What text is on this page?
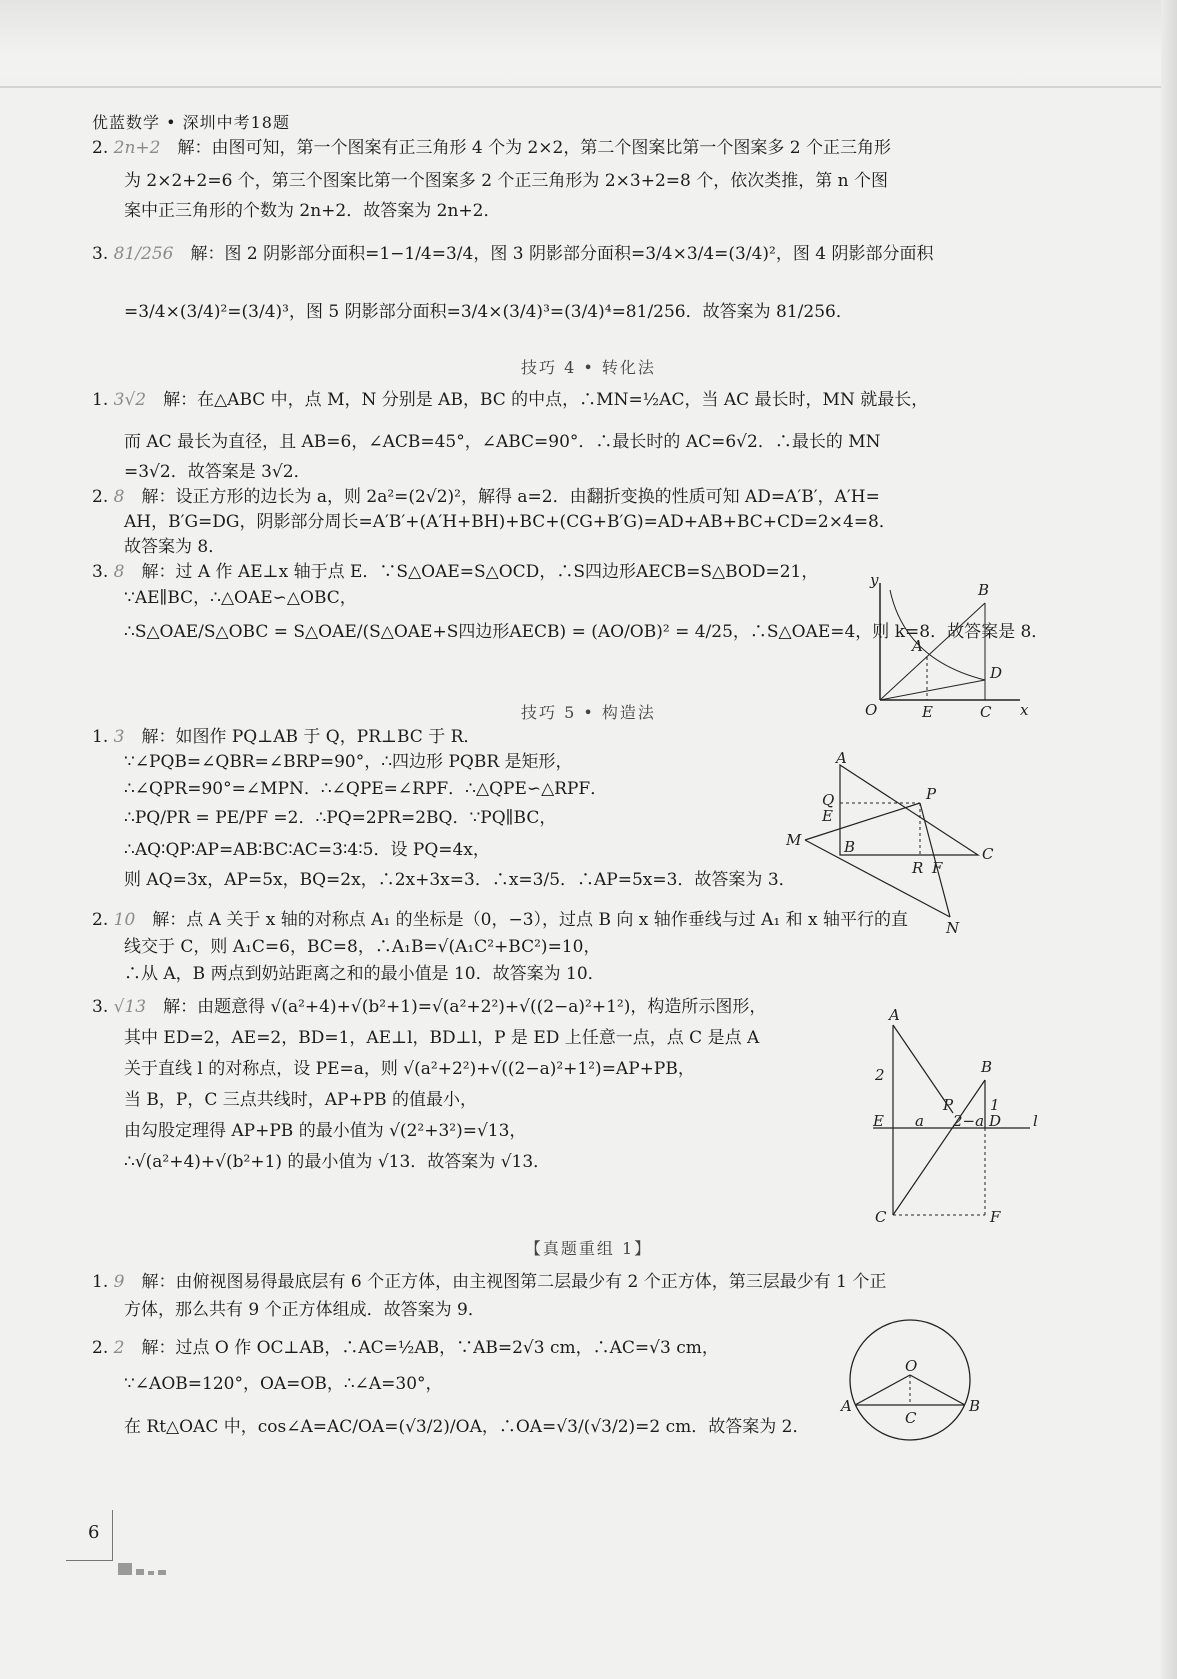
优蓝数学 • 深圳中考18题
2. 2n+2  解：由图可知，第一个图案有正三角形 4 个为 2×2，第二个图案比第一个图案多 2 个正三角形
为 2×2+2=6 个，第三个图案比第一个图案多 2 个正三角形为 2×3+2=8 个，依次类推，第 n 个图
案中正三角形的个数为 2n+2．故答案为 2n+2．
3. 81/256  解：图 2 阴影部分面积=1−1/4=3/4，图 3 阴影部分面积=3/4×3/4=(3/4)²，图 4 阴影部分面积
=3/4×(3/4)²=(3/4)³，图 5 阴影部分面积=3/4×(3/4)³=(3/4)⁴=81/256．故答案为 81/256．
1. 3√2  解：在△ABC 中，点 M，N 分别是 AB，BC 的中点，∴MN=½AC，当 AC 最长时，MN 就最长，
而 AC 最长为直径，且 AB=6，∠ACB=45°，∠ABC=90°．∴最长时的 AC=6√2．∴最长的 MN
=3√2．故答案是 3√2．
2. 8  解：设正方形的边长为 a，则 2a²=(2√2)²，解得 a=2．由翻折变换的性质可知 AD=A′B′，A′H=
AH，B′G=DG，阴影部分周长=A′B′+(A′H+BH)+BC+(CG+B′G)=AD+AB+BC+CD=2×4=8．
故答案为 8．
3. 8  解：过 A 作 AE⊥x 轴于点 E．∵S△OAE=S△OCD，∴S四边形AECB=S△BOD=21，
∵AE∥BC，∴△OAE∽△OBC，
∴S△OAE/S△OBC = S△OAE/(S△OAE+S四边形AECB) = (AO/OB)² = 4/25，∴S△OAE=4，则 k=8．故答案是 8．
1. 3  解：如图作 PQ⊥AB 于 Q，PR⊥BC 于 R．
∵∠PQB=∠QBR=∠BRP=90°，∴四边形 PQBR 是矩形，
∴∠QPR=90°=∠MPN．∴∠QPE=∠RPF．∴△QPE∽△RPF．
∴PQ/PR = PE/PF =2．∴PQ=2PR=2BQ．∵PQ∥BC，
∴AQ∶QP∶AP=AB∶BC∶AC=3∶4∶5．设 PQ=4x，
则 AQ=3x，AP=5x，BQ=2x，∴2x+3x=3．∴x=3/5．∴AP=5x=3．故答案为 3．
2. 10  解：点 A 关于 x 轴的对称点 A₁ 的坐标是（0，−3），过点 B 向 x 轴作垂线与过 A₁ 和 x 轴平行的直
线交于 C，则 A₁C=6，BC=8，∴A₁B=√(A₁C²+BC²)=10，
∴从 A，B 两点到奶站距离之和的最小值是 10．故答案为 10．
3. √13  解：由题意得 √(a²+4)+√(b²+1)=√(a²+2²)+√((2−a)²+1²)，构造所示图形，
其中 ED=2，AE=2，BD=1，AE⊥l，BD⊥l，P 是 ED 上任意一点，点 C 是点 A
关于直线 l 的对称点，设 PE=a，则 √(a²+2²)+√((2−a)²+1²)=AP+PB，
当 B，P，C 三点共线时，AP+PB 的值最小，
由勾股定理得 AP+PB 的最小值为 √(2²+3²)=√13，
∴√(a²+4)+√(b²+1) 的最小值为 √13．故答案为 √13．
1. 9  解：由俯视图易得最底层有 6 个正方体，由主视图第二层最少有 2 个正方体，第三层最少有 1 个正
方体，那么共有 9 个正方体组成．故答案为 9．
2. 2  解：过点 O 作 OC⊥AB，∴AC=½AB，∵AB=2√3 cm，∴AC=√3 cm，
∵∠AOB=120°，OA=OB，∴∠A=30°，
在 Rt△OAC 中，cos∠A=AC/OA=(√3/2)/OA，∴OA=√3/(√3/2)=2 cm．故答案为 2．
技巧 4 • 转化法
技巧 5 • 构造法
【真题重组 1】
y
B
A
D
O	E	C x
A
Q
E
P
M	B	C
R F
N
A
2	B
1
P
E a 2−a D l
C	F
O
A
C
B
6
